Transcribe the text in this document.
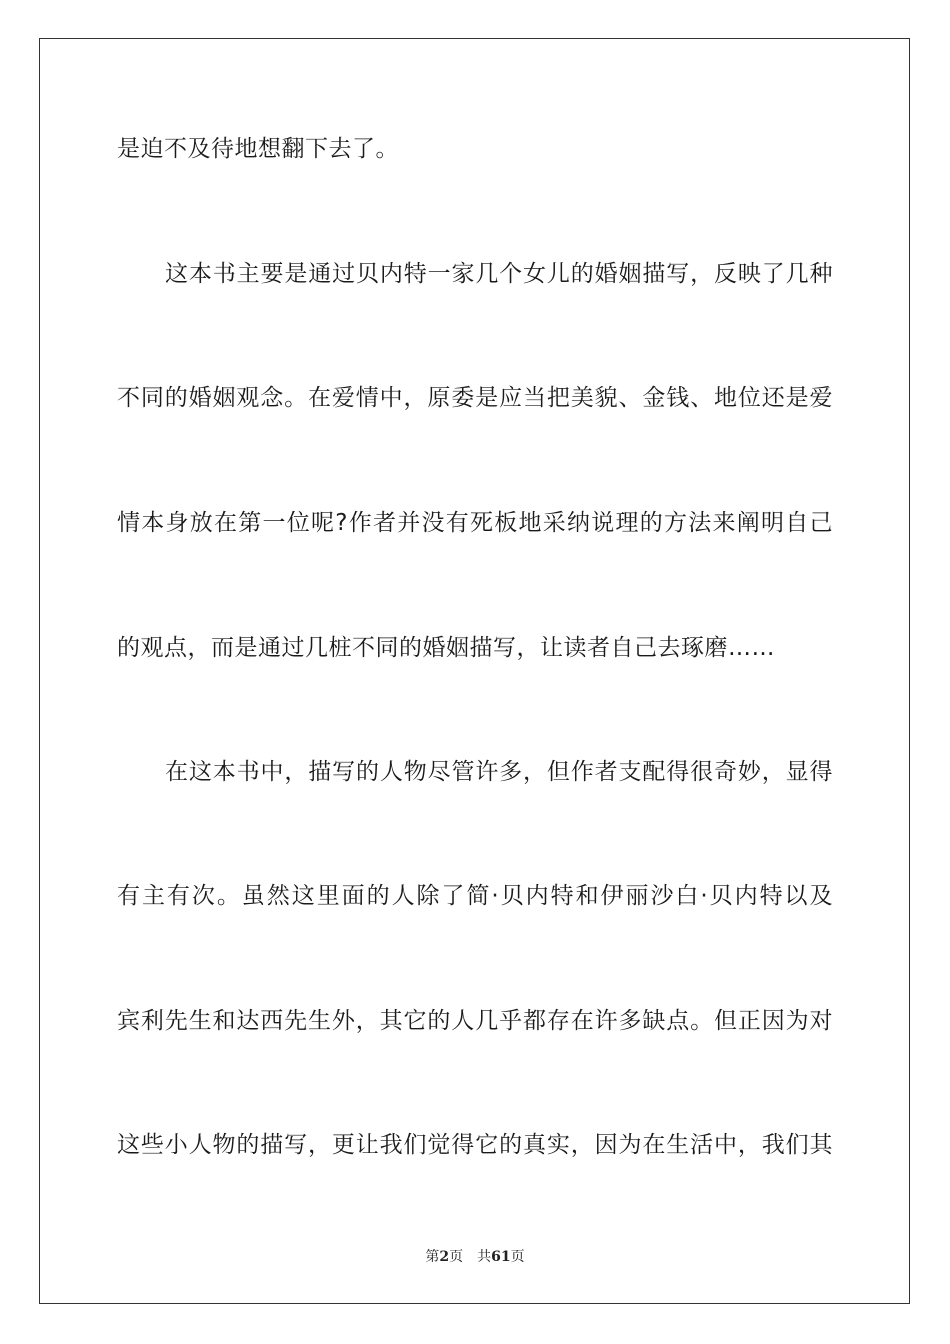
是迫不及待地想翻下去了。
这本书主要是通过贝内特一家几个女儿的婚姻描写，反映了几种
不同的婚姻观念。在爱情中，原委是应当把美貌、金钱、地位还是爱
情本身放在第一位呢?作者并没有死板地采纳说理的方法来阐明自己
的观点，而是通过几桩不同的婚姻描写，让读者自己去琢磨……
在这本书中，描写的人物尽管许多，但作者支配得很奇妙，显得
有主有次。虽然这里面的人除了简·贝内特和伊丽沙白·贝内特以及
宾利先生和达西先生外，其它的人几乎都存在许多缺点。但正因为对
这些小人物的描写，更让我们觉得它的真实，因为在生活中，我们其
第2页 共61页
